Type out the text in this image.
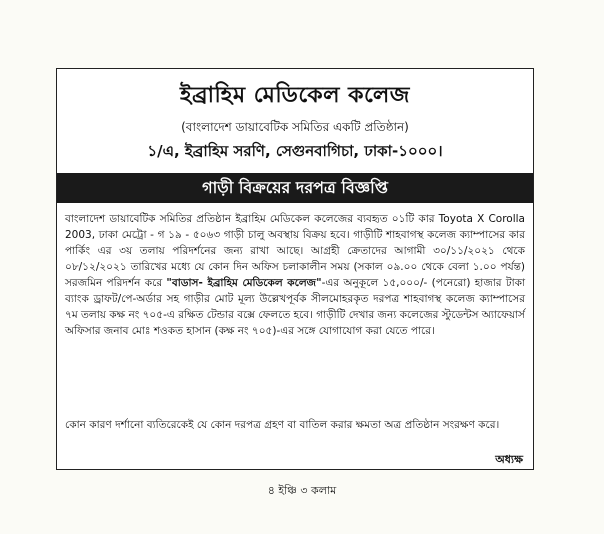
ইব্রাহিম মেডিকেল কলেজ
(বাংলাদেশ ডায়াবেটিক সমিতির একটি প্রতিষ্ঠান)
১/এ, ইব্রাহিম সরণি, সেগুনবাগিচা, ঢাকা-১০০০।
গাড়ী বিক্রয়ের দরপত্র বিজ্ঞপ্তি

বাংলাদেশ ডায়াবেটিক সমিতির প্রতিষ্ঠান ইব্রাহিম মেডিকেল কলেজের ব্যবহৃত ০১টি কার Toyota X Corolla 2003, ঢাকা মেট্রো - গ ১৯ - ৫০৬৩ গাড়ী চালু অবস্থায় বিক্রয় হবে। গাড়ীটি শাহবাগস্থ কলেজ ক্যাম্পাসের কার পার্কিং এর ৩য় তলায় পরিদর্শনের জন্য রাখা আছে। আগ্রহী ক্রেতাদের আগামী ৩০/১১/২০২১ থেকে ০৮/১২/২০২১ তারিখের মধ্যে যে কোন দিন অফিস চলাকালীন সময় (সকাল ০৯.০০ থেকে বেলা ১.০০ পর্যন্ত) সরজমিন পরিদর্শন করে "বাডাস- ইব্রাহিম মেডিকেল কলেজ"-এর অনুকূলে ১৫,০০০/- (পনেরো) হাজার টাকা ব্যাংক ড্রাফট/পে-অর্ডার সহ গাড়ীর মোট মূল্য উল্লেখপূর্বক সীলমোহরকৃত দরপত্র শাহবাগস্থ কলেজ ক্যাম্পাসের ৭ম তলায় কক্ষ নং ৭০৫-এ রক্ষিত টেন্ডার বক্সে ফেলতে হবে। গাড়ীটি দেখার জন্য কলেজের স্টুডেন্টস অ্যাফেয়ার্স অফিসার জনাব মোঃ শওকত হাসান (কক্ষ নং ৭০৫)-এর সঙ্গে যোগাযোগ করা যেতে পারে।

কোন কারণ দর্শানো ব্যতিরেকেই যে কোন দরপত্র গ্রহণ বা বাতিল করার ক্ষমতা অত্র প্রতিষ্ঠান সংরক্ষণ করে।

অধ্যক্ষ
৪ ইঞ্চি ৩ কলাম
